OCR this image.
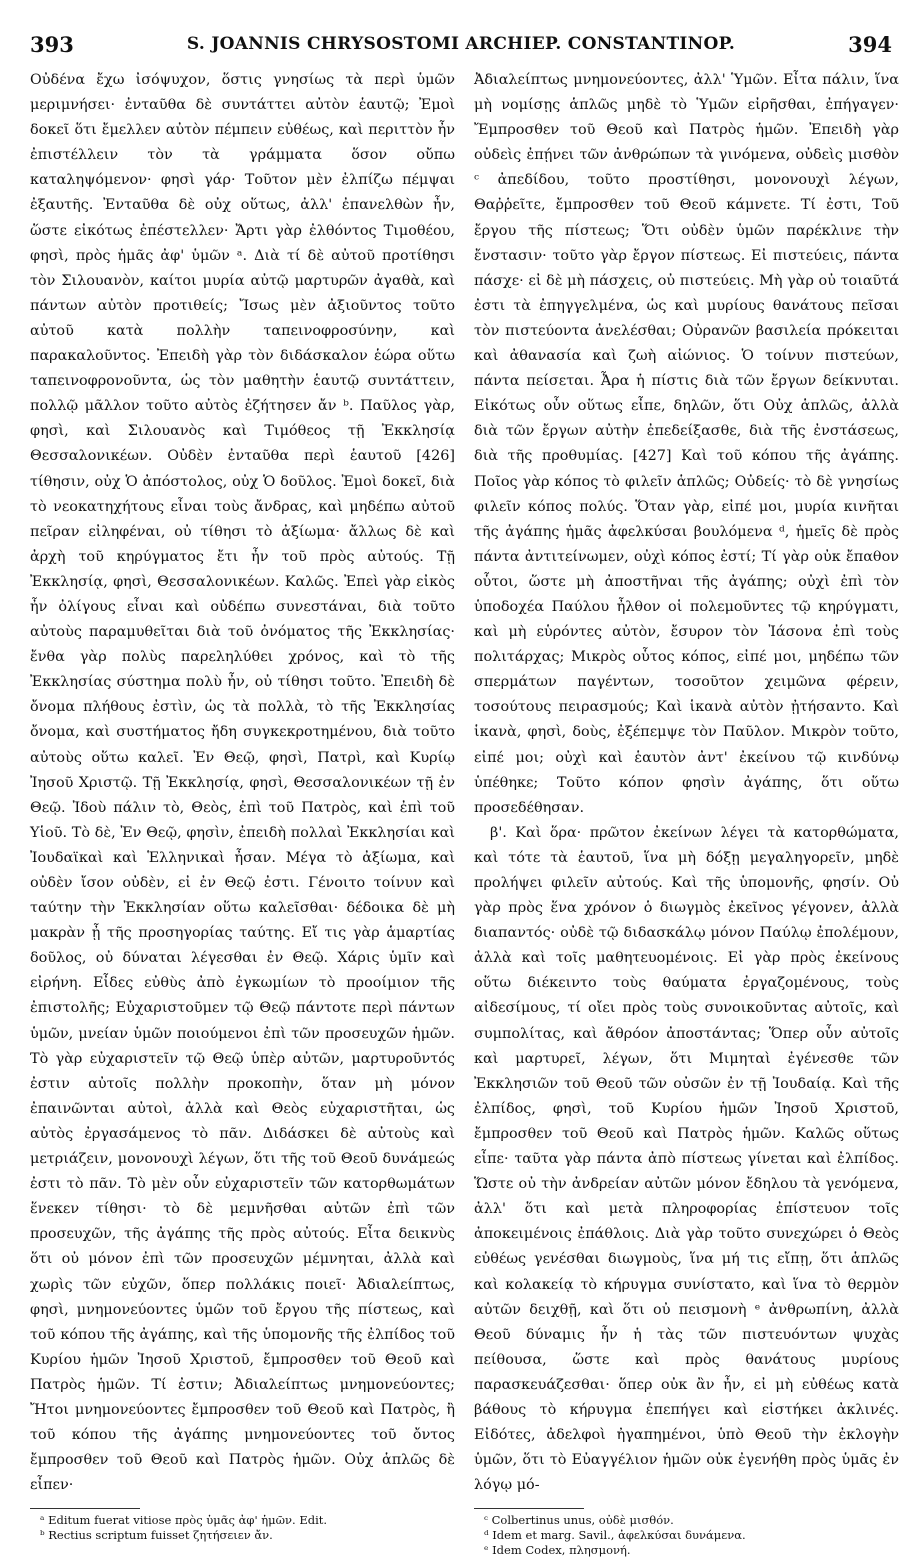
393	S. JOANNIS CHRYSOSTOMI ARCHIEP. CONSTANTINOP.	394

Οὐδένα ἔχω ἰσόψυχον, ὅστις γνησίως τὰ περὶ ὑμῶν μεριμνήσει· ἐνταῦθα δὲ συντάττει αὐτὸν ἑαυτῷ; Ἐμοὶ δοκεῖ ὅτι ἔμελλεν αὐτὸν πέμπειν εὐθέως, καὶ περιττὸν ἦν ἐπιστέλλειν τὸν τὰ γράμματα ὅσον οὔπω καταληψόμενον· φησὶ γάρ· Τοῦτον μὲν ἐλπίζω πέμψαι ἐξαυτῆς. Ἐνταῦθα δὲ οὐχ οὕτως, ἀλλ' ἐπανελθὼν ἦν, ὥστε εἰκότως ἐπέστελλεν· Ἄρτι γὰρ ἐλθόντος Τιμοθέου, φησὶ, πρὸς ἡμᾶς ἀφ' ὑμῶν ᵃ. Διὰ τί δὲ αὐτοῦ προτίθησι τὸν Σιλουανὸν, καίτοι μυρία αὐτῷ μαρτυρῶν ἀγαθὰ, καὶ πάντων αὐτὸν προτιθείς; Ἴσως μὲν ἀξιοῦντος τοῦτο αὐτοῦ κατὰ πολλὴν ταπεινοφροσύνην, καὶ παρακαλοῦντος. Ἐπειδὴ γὰρ τὸν διδάσκαλον ἑώρα οὕτω ταπεινοφρονοῦντα, ὡς τὸν μαθητὴν ἑαυτῷ συντάττειν, πολλῷ μᾶλλον τοῦτο αὐτὸς ἐζήτησεν ἄν ᵇ. Παῦλος γὰρ, φησὶ, καὶ Σιλουανὸς καὶ Τιμόθεος τῇ Ἐκκλησίᾳ Θεσσαλονικέων. Οὐδὲν ἐνταῦθα περὶ ἑαυτοῦ [426] τίθησιν, οὐχ Ὁ ἀπόστολος, οὐχ Ὁ δοῦλος. Ἐμοὶ δοκεῖ, διὰ τὸ νεοκατηχήτους εἶναι τοὺς ἄνδρας, καὶ μηδέπω αὐτοῦ πεῖραν εἰληφέναι, οὐ τίθησι τὸ ἀξίωμα· ἄλλως δὲ καὶ ἀρχὴ τοῦ κηρύγματος ἔτι ἦν τοῦ πρὸς αὐτούς. Τῇ Ἐκκλησίᾳ, φησὶ, Θεσσαλονικέων. Καλῶς. Ἐπεὶ γὰρ εἰκὸς ἦν ὀλίγους εἶναι καὶ οὐδέπω συνεστάναι, διὰ τοῦτο αὐτοὺς παραμυθεῖται διὰ τοῦ ὀνόματος τῆς Ἐκκλησίας· ἔνθα γὰρ πολὺς παρεληλύθει χρόνος, καὶ τὸ τῆς Ἐκκλησίας σύστημα πολὺ ἦν, οὐ τίθησι τοῦτο. Ἐπειδὴ δὲ ὄνομα πλήθους ἐστὶν, ὡς τὰ πολλὰ, τὸ τῆς Ἐκκλησίας ὄνομα, καὶ συστήματος ἤδη συγκεκροτημένου, διὰ τοῦτο αὐτοὺς οὕτω καλεῖ. Ἐν Θεῷ, φησὶ, Πατρὶ, καὶ Κυρίῳ Ἰησοῦ Χριστῷ. Τῇ Ἐκκλησίᾳ, φησὶ, Θεσσαλονικέων τῇ ἐν Θεῷ. Ἰδοὺ πάλιν τὸ, Θεὸς, ἐπὶ τοῦ Πατρὸς, καὶ ἐπὶ τοῦ Υἱοῦ. Τὸ δὲ, Ἐν Θεῷ, φησὶν, ἐπειδὴ πολλαὶ Ἐκκλησίαι καὶ Ἰουδαϊκαὶ καὶ Ἑλληνικαὶ ἦσαν. Μέγα τὸ ἀξίωμα, καὶ οὐδὲν ἴσον οὐδὲν, εἰ ἐν Θεῷ ἐστι. Γένοιτο τοίνυν καὶ ταύτην τὴν Ἐκκλησίαν οὕτω καλεῖσθαι· δέδοικα δὲ μὴ μακρὰν ᾖ τῆς προσηγορίας ταύτης. Εἴ τις γὰρ ἁμαρτίας δοῦλος, οὐ δύναται λέγεσθαι ἐν Θεῷ. Χάρις ὑμῖν καὶ εἰρήνη. Εἶδες εὐθὺς ἀπὸ ἐγκωμίων τὸ προοίμιον τῆς ἐπιστολῆς; Εὐχαριστοῦμεν τῷ Θεῷ πάντοτε περὶ πάντων ὑμῶν, μνείαν ὑμῶν ποιούμενοι ἐπὶ τῶν προσευχῶν ἡμῶν. Τὸ γὰρ εὐχαριστεῖν τῷ Θεῷ ὑπὲρ αὐτῶν, μαρτυροῦντός ἐστιν αὐτοῖς πολλὴν προκοπὴν, ὅταν μὴ μόνον ἐπαινῶνται αὐτοὶ, ἀλλὰ καὶ Θεὸς εὐχαριστῆται, ὡς αὐτὸς ἐργασάμενος τὸ πᾶν. Διδάσκει δὲ αὐτοὺς καὶ μετριάζειν, μονονουχὶ λέγων, ὅτι τῆς τοῦ Θεοῦ δυνάμεώς ἐστι τὸ πᾶν. Τὸ μὲν οὖν εὐχαριστεῖν τῶν κατορθωμάτων ἕνεκεν τίθησι· τὸ δὲ μεμνῆσθαι αὐτῶν ἐπὶ τῶν προσευχῶν, τῆς ἀγάπης τῆς πρὸς αὐτούς. Εἶτα δεικνὺς ὅτι οὐ μόνον ἐπὶ τῶν προσευχῶν μέμνηται, ἀλλὰ καὶ χωρὶς τῶν εὐχῶν, ὅπερ πολλάκις ποιεῖ· Ἀδιαλείπτως, φησὶ, μνημονεύοντες ὑμῶν τοῦ ἔργου τῆς πίστεως, καὶ τοῦ κόπου τῆς ἀγάπης, καὶ τῆς ὑπομονῆς τῆς ἐλπίδος τοῦ Κυρίου ἡμῶν Ἰησοῦ Χριστοῦ, ἔμπροσθεν τοῦ Θεοῦ καὶ Πατρὸς ἡμῶν. Τί ἐστιν; Ἀδιαλείπτως μνημονεύοντες; Ἤτοι μνημονεύοντες ἔμπροσθεν τοῦ Θεοῦ καὶ Πατρὸς, ἢ τοῦ κόπου τῆς ἀγάπης μνημονεύοντες τοῦ ὄντος ἔμπροσθεν τοῦ Θεοῦ καὶ Πατρὸς ἡμῶν. Οὐχ ἁπλῶς δὲ εἶπεν·

ᵃ Editum fuerat vitiose πρὸς ὑμᾶς ἀφ' ἡμῶν. Edit.

ᵇ Rectius scriptum fuisset ζητήσειεν ἄν.

Ἀδιαλείπτως μνημονεύοντες, ἀλλ' Ὑμῶν. Εἶτα πάλιν, ἵνα μὴ νομίσῃς ἁπλῶς μηδὲ τὸ Ὑμῶν εἰρῆσθαι, ἐπήγαγεν· Ἔμπροσθεν τοῦ Θεοῦ καὶ Πατρὸς ἡμῶν. Ἐπειδὴ γὰρ οὐδεὶς ἐπῄνει τῶν ἀνθρώπων τὰ γινόμενα, οὐδεὶς μισθὸν ᶜ ἀπεδίδου, τοῦτο προστίθησι, μονονουχὶ λέγων, Θαῤῥεῖτε, ἔμπροσθεν τοῦ Θεοῦ κάμνετε. Τί ἐστι, Τοῦ ἔργου τῆς πίστεως; Ὅτι οὐδὲν ὑμῶν παρέκλινε τὴν ἔνστασιν· τοῦτο γὰρ ἔργον πίστεως. Εἰ πιστεύεις, πάντα πάσχε· εἰ δὲ μὴ πάσχεις, οὐ πιστεύεις. Μὴ γὰρ οὐ τοιαῦτά ἐστι τὰ ἐπηγγελμένα, ὡς καὶ μυρίους θανάτους πεῖσαι τὸν πιστεύοντα ἀνελέσθαι; Οὐρανῶν βασιλεία πρόκειται καὶ ἀθανασία καὶ ζωὴ αἰώνιος. Ὁ τοίνυν πιστεύων, πάντα πείσεται. Ἆρα ἡ πίστις διὰ τῶν ἔργων δείκνυται. Εἰκότως οὖν οὕτως εἶπε, δηλῶν, ὅτι Οὐχ ἁπλῶς, ἀλλὰ διὰ τῶν ἔργων αὐτὴν ἐπεδείξασθε, διὰ τῆς ἐνστάσεως, διὰ τῆς προθυμίας. [427] Καὶ τοῦ κόπου τῆς ἀγάπης. Ποῖος γὰρ κόπος τὸ φιλεῖν ἁπλῶς; Οὐδείς· τὸ δὲ γνησίως φιλεῖν κόπος πολύς. Ὅταν γὰρ, εἰπέ μοι, μυρία κινῆται τῆς ἀγάπης ἡμᾶς ἀφελκύσαι βουλόμενα ᵈ, ἡμεῖς δὲ πρὸς πάντα ἀντιτείνωμεν, οὐχὶ κόπος ἐστί; Τί γὰρ οὐκ ἔπαθον οὗτοι, ὥστε μὴ ἀποστῆναι τῆς ἀγάπης; οὐχὶ ἐπὶ τὸν ὑποδοχέα Παύλου ἦλθον οἱ πολεμοῦντες τῷ κηρύγματι, καὶ μὴ εὑρόντες αὐτὸν, ἔσυρον τὸν Ἰάσονα ἐπὶ τοὺς πολιτάρχας; Μικρὸς οὗτος κόπος, εἰπέ μοι, μηδέπω τῶν σπερμάτων παγέντων, τοσοῦτον χειμῶνα φέρειν, τοσούτους πειρασμούς; Καὶ ἱκανὰ αὐτὸν ᾐτήσαντο. Καὶ ἱκανὰ, φησὶ, δοὺς, ἐξέπεμψε τὸν Παῦλον. Μικρὸν τοῦτο, εἰπέ μοι; οὐχὶ καὶ ἑαυτὸν ἀντ' ἐκείνου τῷ κινδύνῳ ὑπέθηκε; Τοῦτο κόπον φησὶν ἀγάπης, ὅτι οὕτω προσεδέθησαν.

β'. Καὶ ὅρα· πρῶτον ἐκείνων λέγει τὰ κατορθώματα, καὶ τότε τὰ ἑαυτοῦ, ἵνα μὴ δόξῃ μεγαληγορεῖν, μηδὲ προλήψει φιλεῖν αὐτούς. Καὶ τῆς ὑπομονῆς, φησίν. Οὐ γὰρ πρὸς ἕνα χρόνον ὁ διωγμὸς ἐκεῖνος γέγονεν, ἀλλὰ διαπαντός· οὐδὲ τῷ διδασκάλῳ μόνον Παύλῳ ἐπολέμουν, ἀλλὰ καὶ τοῖς μαθητευομένοις. Εἰ γὰρ πρὸς ἐκείνους οὕτω διέκειντο τοὺς θαύματα ἐργαζομένους, τοὺς αἰδεσίμους, τί οἴει πρὸς τοὺς συνοικοῦντας αὐτοῖς, καὶ συμπολίτας, καὶ ἄθρόον ἀποστάντας; Ὅπερ οὖν αὐτοῖς καὶ μαρτυρεῖ, λέγων, ὅτι Μιμηταὶ ἐγένεσθε τῶν Ἐκκλησιῶν τοῦ Θεοῦ τῶν οὐσῶν ἐν τῇ Ἰουδαίᾳ. Καὶ τῆς ἐλπίδος, φησὶ, τοῦ Κυρίου ἡμῶν Ἰησοῦ Χριστοῦ, ἔμπροσθεν τοῦ Θεοῦ καὶ Πατρὸς ἡμῶν. Καλῶς οὕτως εἶπε· ταῦτα γὰρ πάντα ἀπὸ πίστεως γίνεται καὶ ἐλπίδος. Ὥστε οὐ τὴν ἀνδρείαν αὐτῶν μόνον ἔδηλου τὰ γενόμενα, ἀλλ' ὅτι καὶ μετὰ πληροφορίας ἐπίστευον τοῖς ἀποκειμένοις ἐπάθλοις. Διὰ γὰρ τοῦτο συνεχώρει ὁ Θεὸς εὐθέως γενέσθαι διωγμοὺς, ἵνα μή τις εἴπῃ, ὅτι ἁπλῶς καὶ κολακείᾳ τὸ κήρυγμα συνίστατο, καὶ ἵνα τὸ θερμὸν αὐτῶν δειχθῇ, καὶ ὅτι οὐ πεισμονὴ ᵉ ἀνθρωπίνη, ἀλλὰ Θεοῦ δύναμις ἦν ἡ τὰς τῶν πιστευόντων ψυχὰς πείθουσα, ὥστε καὶ πρὸς θανάτους μυρίους παρασκευάζεσθαι· ὅπερ οὐκ ἂν ἦν, εἰ μὴ εὐθέως κατὰ βάθους τὸ κήρυγμα ἐπεπήγει καὶ εἱστήκει ἀκλινές. Εἰδότες, ἀδελφοὶ ἠγαπημένοι, ὑπὸ Θεοῦ τὴν ἐκλογὴν ὑμῶν, ὅτι τὸ Εὐαγγέλιον ἡμῶν οὐκ ἐγενήθη πρὸς ὑμᾶς ἐν λόγῳ μό-

ᶜ Colbertinus unus, οὐδὲ μισθόν.

ᵈ Idem et marg. Savil., ἀφελκύσαι δυνάμενα.

ᵉ Idem Codex, πλησμονή.
